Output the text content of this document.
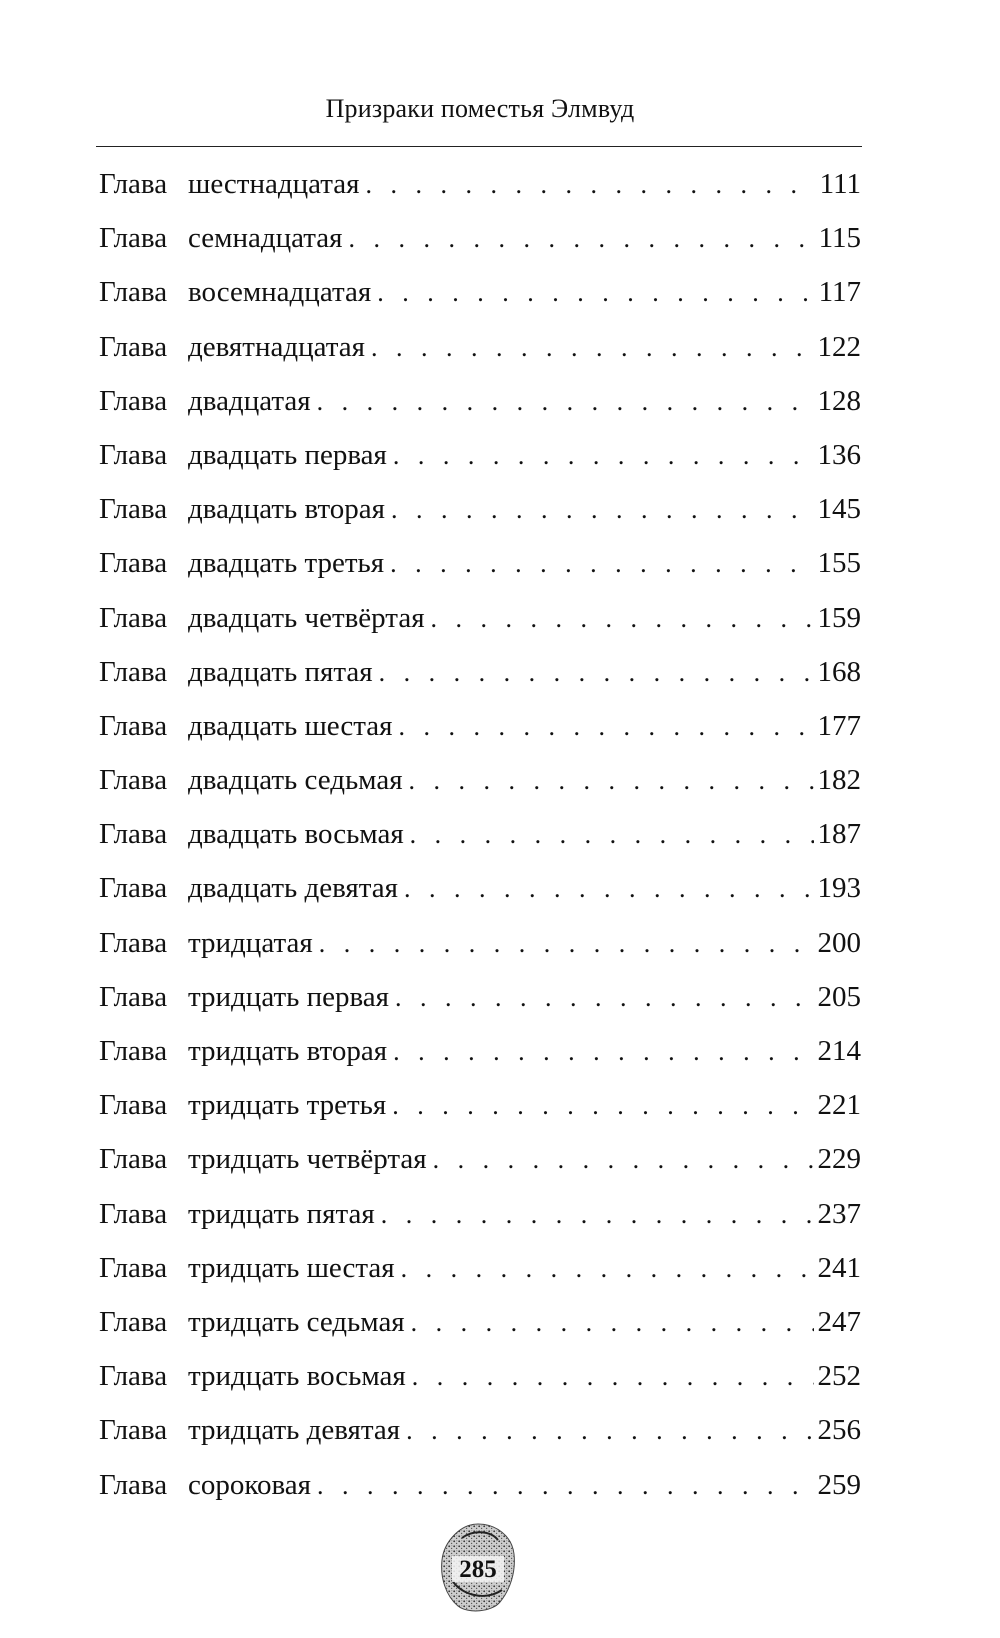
Призраки поместья Элмвуд
Глава шестнадцатая . . .	111
Глава семнадцатая . . .	115
Глава восемнадцатая . . .	117
Глава девятнадцатая . . .	122
Глава двадцатая . . .	128
Глава двадцать первая . . .	136
Глава двадцать вторая . . .	145
Глава двадцать третья . . .	155
Глава двадцать четвёртая . . .	159
Глава двадцать пятая . . .	168
Глава двадцать шестая . . .	177
Глава двадцать седьмая . . .	182
Глава двадцать восьмая . . .	187
Глава двадцать девятая . . .	193
Глава тридцатая . . .	200
Глава тридцать первая . . .	205
Глава тридцать вторая . . .	214
Глава тридцать третья . . .	221
Глава тридцать четвёртая . . .	229
Глава тридцать пятая . . .	237
Глава тридцать шестая . . .	241
Глава тридцать седьмая . . .	247
Глава тридцать восьмая . . .	252
Глава тридцать девятая . . .	256
Глава сороковая . . .	259
285
